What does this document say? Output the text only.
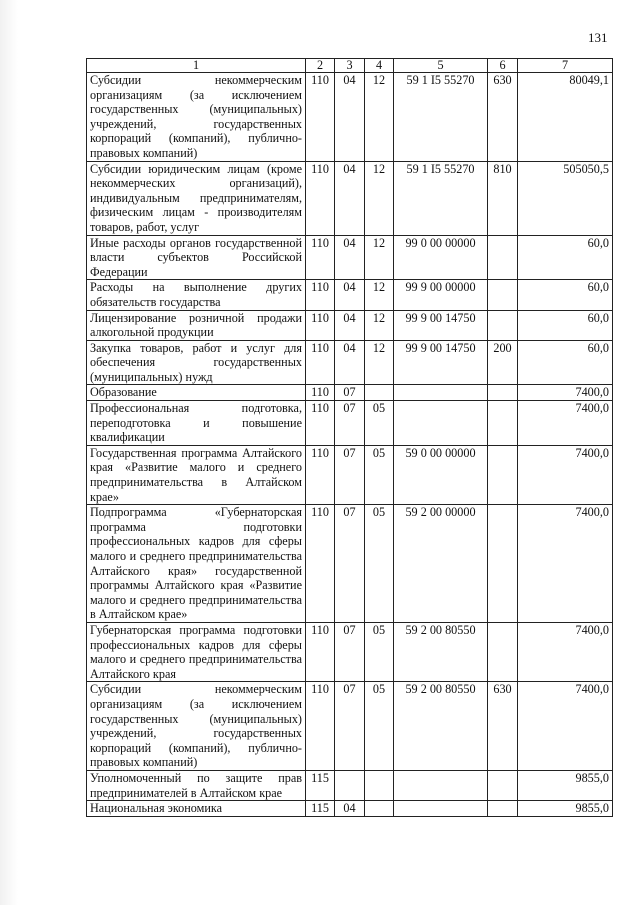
131
1	2	3	4	5	6	7
Субсидии некоммерческим организациям (за исключением государственных (муниципальных) учреждений, государственных корпораций (компаний), публично-правовых компаний)	110	04	12	59 1 I5 55270	630	80049,1
Субсидии юридическим лицам (кроме некоммерческих организаций), индивидуальным предпринимателям, физическим лицам - производителям товаров, работ, услуг	110	04	12	59 1 I5 55270	810	505050,5
Иные расходы органов государственной власти субъектов Российской Федерации	110	04	12	99 0 00 00000		60,0
Расходы на выполнение других обязательств государства	110	04	12	99 9 00 00000		60,0
Лицензирование розничной продажи алкогольной продукции	110	04	12	99 9 00 14750		60,0
Закупка товаров, работ и услуг для обеспечения государственных (муниципальных) нужд	110	04	12	99 9 00 14750	200	60,0
Образование	110	07				7400,0
Профессиональная подготовка, переподготовка и повышение квалификации	110	07	05			7400,0
Государственная программа Алтайского края «Развитие малого и среднего предпринимательства в Алтайском крае»	110	07	05	59 0 00 00000		7400,0
Подпрограмма «Губернаторская программа подготовки профессиональных кадров для сферы малого и среднего предпринимательства Алтайского края» государственной программы Алтайского края «Развитие малого и среднего предпринимательства в Алтайском крае»	110	07	05	59 2 00 00000		7400,0
Губернаторская программа подготовки профессиональных кадров для сферы малого и среднего предпринимательства Алтайского края	110	07	05	59 2 00 80550		7400,0
Субсидии некоммерческим организациям (за исключением государственных (муниципальных) учреждений, государственных корпораций (компаний), публично-правовых компаний)	110	07	05	59 2 00 80550	630	7400,0
Уполномоченный по защите прав предпринимателей в Алтайском крае	115					9855,0
Национальная экономика	115	04				9855,0
